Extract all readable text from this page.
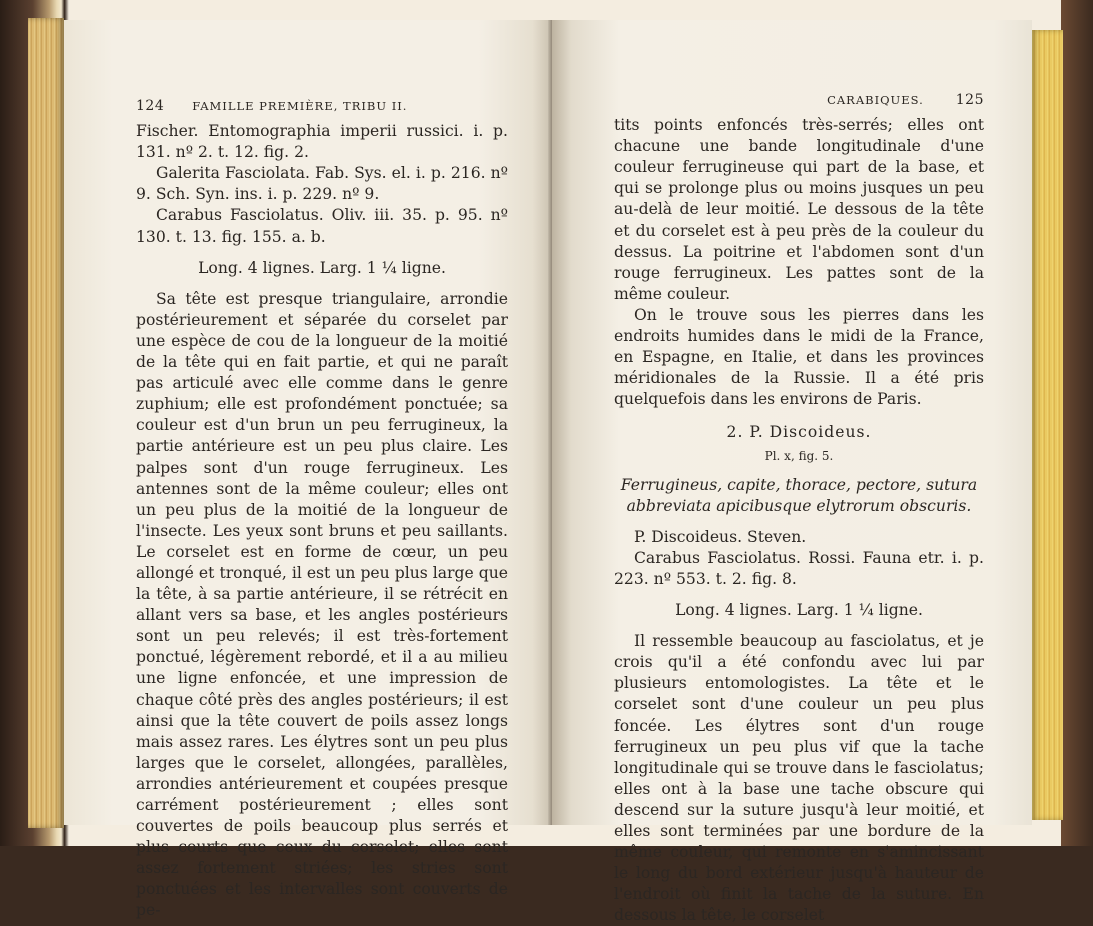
124	FAMILLE PREMIÈRE, TRIBU II.

Fischer. Entomographia imperii russici. i. p. 131. nº 2. t. 12. fig. 2.

Galerita Fasciolata. Fab. Sys. el. i. p. 216. nº 9. Sch. Syn. ins. i. p. 229. nº 9.

Carabus Fasciolatus. Oliv. iii. 35. p. 95. nº 130. t. 13. fig. 155. a. b.

Long. 4 lignes. Larg. 1 ¼ ligne.

Sa tête est presque triangulaire, arrondie postérieurement et séparée du corselet par une espèce de cou de la longueur de la moitié de la tête qui en fait partie, et qui ne paraît pas articulé avec elle comme dans le genre zuphium; elle est profondément ponctuée; sa couleur est d'un brun un peu ferrugineux, la partie antérieure est un peu plus claire. Les palpes sont d'un rouge ferrugineux. Les antennes sont de la même couleur; elles ont un peu plus de la moitié de la longueur de l'insecte. Les yeux sont bruns et peu saillants. Le corselet est en forme de cœur, un peu allongé et tronqué, il est un peu plus large que la tête, à sa partie antérieure, il se rétrécit en allant vers sa base, et les angles postérieurs sont un peu relevés; il est très-fortement ponctué, légèrement rebordé, et il a au milieu une ligne enfoncée, et une impression de chaque côté près des angles postérieurs; il est ainsi que la tête couvert de poils assez longs mais assez rares. Les élytres sont un peu plus larges que le corselet, allongées, parallèles, arrondies antérieurement et coupées presque carrément postérieurement ; elles sont couvertes de poils beaucoup plus serrés et plus courts que ceux du corselet; elles sont assez fortement striées; les stries sont ponctuées et les intervalles sont couverts de pe-

CARABIQUES.	125

tits points enfoncés très-serrés; elles ont chacune une bande longitudinale d'une couleur ferrugineuse qui part de la base, et qui se prolonge plus ou moins jusques un peu au-delà de leur moitié. Le dessous de la tête et du corselet est à peu près de la couleur du dessus. La poitrine et l'abdomen sont d'un rouge ferrugineux. Les pattes sont de la même couleur.

On le trouve sous les pierres dans les endroits humides dans le midi de la France, en Espagne, en Italie, et dans les provinces méridionales de la Russie. Il a été pris quelquefois dans les environs de Paris.

2. P. Discoideus.

Pl. x, fig. 5.

Ferrugineus, capite, thorace, pectore, sutura abbreviata apicibusque elytrorum obscuris.

P. Discoideus. Steven.

Carabus Fasciolatus. Rossi. Fauna etr. i. p. 223. nº 553. t. 2. fig. 8.

Long. 4 lignes. Larg. 1 ¼ ligne.

Il ressemble beaucoup au fasciolatus, et je crois qu'il a été confondu avec lui par plusieurs entomologistes. La tête et le corselet sont d'une couleur un peu plus foncée. Les élytres sont d'un rouge ferrugineux un peu plus vif que la tache longitudinale qui se trouve dans le fasciolatus; elles ont à la base une tache obscure qui descend sur la suture jusqu'à leur moitié, et elles sont terminées par une bordure de la même couleur, qui remonte en s'amincissant le long du bord extérieur jusqu'à hauteur de l'endroit où finit la tache de la suture. En dessous la tête, le corselet
